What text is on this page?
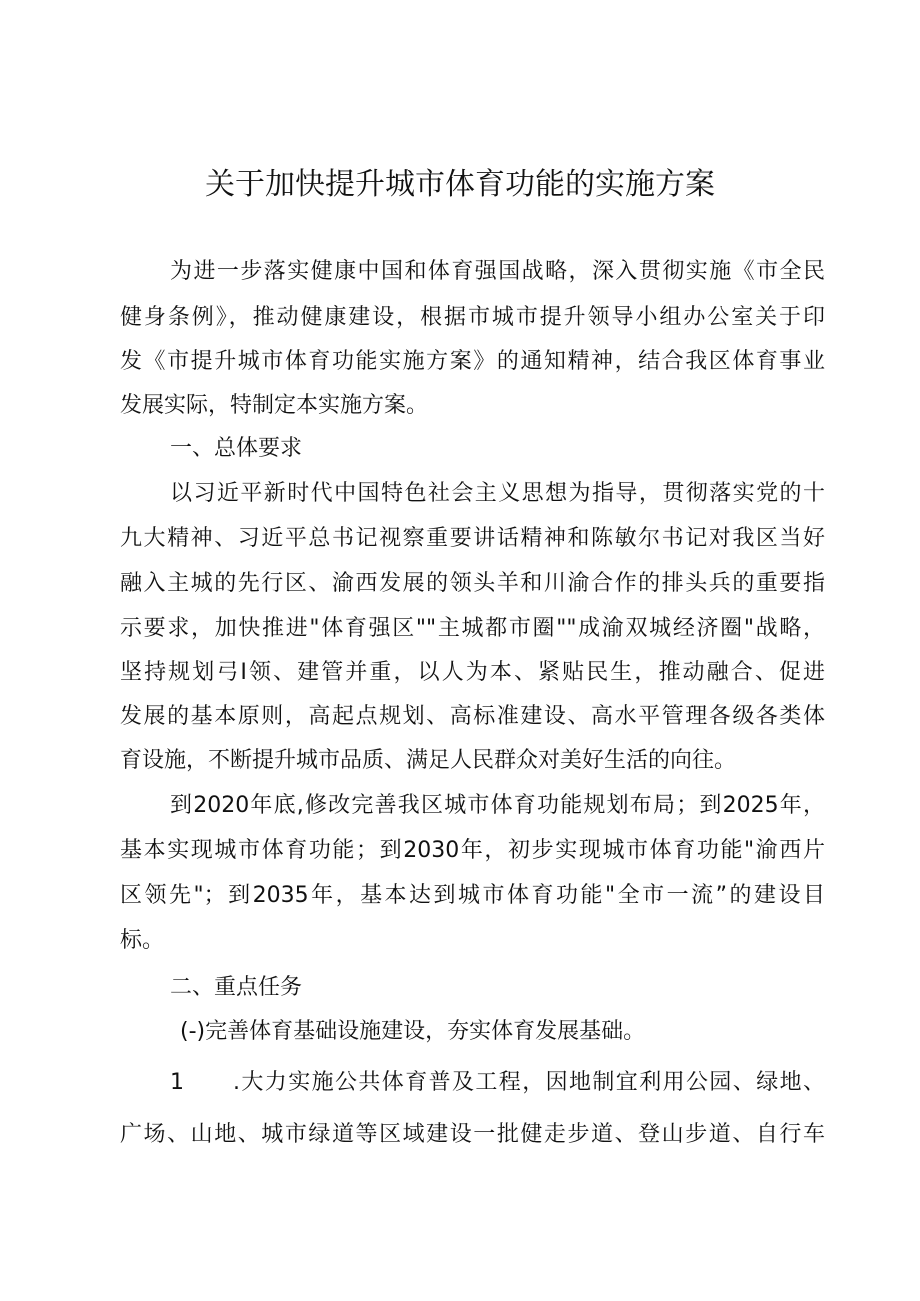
关于加快提升城市体育功能的实施方案
为进一步落实健康中国和体育强国战略，深入贯彻实施《市全民
健身条例》，推动健康建设，根据市城市提升领导小组办公室关于印
发《市提升城市体育功能实施方案》的通知精神，结合我区体育事业
发展实际，特制定本实施方案。
一、总体要求
以习近平新时代中国特色社会主义思想为指导，贯彻落实党的十
九大精神、习近平总书记视察重要讲话精神和陈敏尔书记对我区当好
融入主城的先行区、渝西发展的领头羊和川渝合作的排头兵的重要指
示要求，加快推进"体育强区""主城都市圈""成渝双城经济圈"战略，
坚持规划弓I领、建管并重，以人为本、紧贴民生，推动融合、促进
发展的基本原则，高起点规划、高标准建设、高水平管理各级各类体
育设施，不断提升城市品质、满足人民群众对美好生活的向往。
到2020年底,修改完善我区城市体育功能规划布局；到2025年，
基本实现城市体育功能；到2030年，初步实现城市体育功能"渝西片
区领先"；到2035年，基本达到城市体育功能"全市一流”的建设目
标。
二、重点任务
(-)完善体育基础设施建设，夯实体育发展基础。
1	.大力实施公共体育普及工程，因地制宜利用公园、绿地、
广场、山地、城市绿道等区域建设一批健走步道、登山步道、自行车
